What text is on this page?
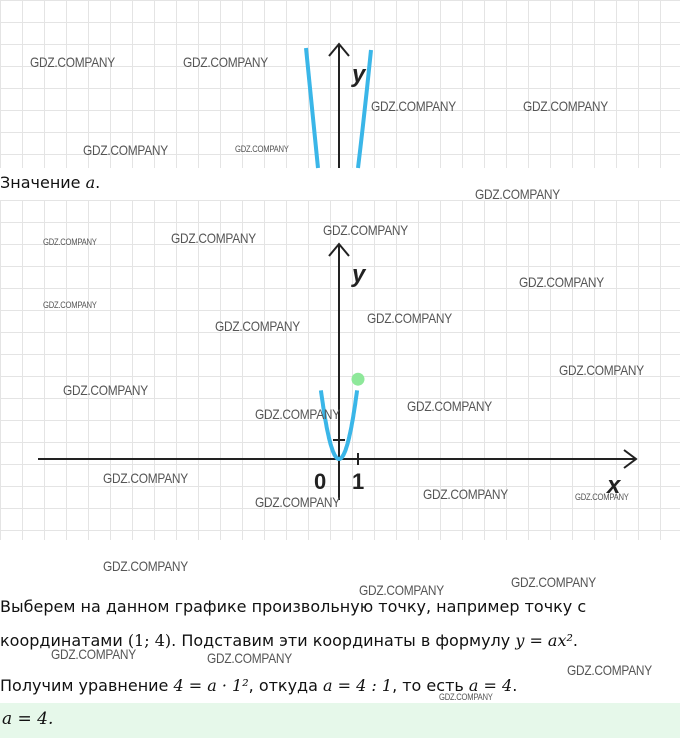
y
Значение a.
0 1
y
x
Выберем на данном графике произвольную точку, например точку с
координатами (1; 4). Подставим эти координаты в формулу y = ax².
Получим уравнение 4 = a · 1², откуда a = 4 : 1, то есть a = 4.
a = 4.
GDZ.COMPANY	GDZ.COMPANY
GDZ.COMPANY	GDZ.COMPANY
GDZ.COMPANY	GDZ.COMPANY
GDZ.COMPANY
GDZ.COMPANY	GDZ.COMPANY	GDZ.COMPANY
GDZ.COMPANY
GDZ.COMPANY
GDZ.COMPANY	GDZ.COMPANY
GDZ.COMPANY
GDZ.COMPANY
GDZ.COMPANY
GDZ.COMPANY
GDZ.COMPANY
GDZ.COMPANY	GDZ.COMPANY
GDZ.COMPANY
GDZ.COMPANY
GDZ.COMPANY
GDZ.COMPANY
GDZ.COMPANY	GDZ.COMPANY
GDZ.COMPANY
GDZ.COMPANY
